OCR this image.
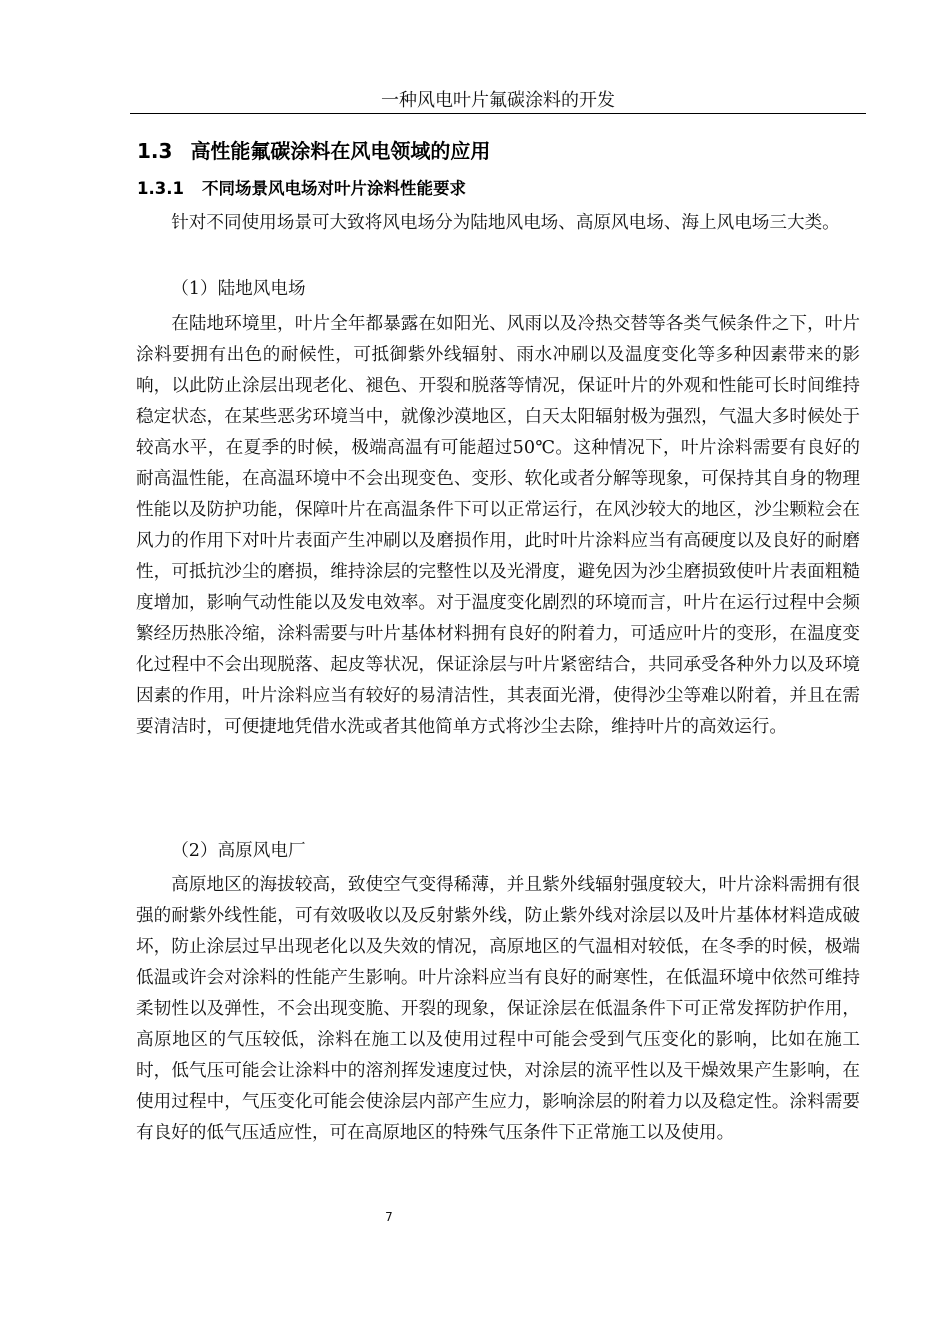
一种风电叶片氟碳涂料的开发
1.3 高性能氟碳涂料在风电领域的应用
1.3.1 不同场景风电场对叶片涂料性能要求

针对不同使用场景可大致将风电场分为陆地风电场、高原风电场、海上风电场三大类。

（1）陆地风电场

在陆地环境里，叶片全年都暴露在如阳光、风雨以及冷热交替等各类气候条件之下，叶片涂料要拥有出色的耐候性，可抵御紫外线辐射、雨水冲刷以及温度变化等多种因素带来的影响，以此防止涂层出现老化、褪色、开裂和脱落等情况，保证叶片的外观和性能可长时间维持稳定状态，在某些恶劣环境当中，就像沙漠地区，白天太阳辐射极为强烈，气温大多时候处于较高水平，在夏季的时候，极端高温有可能超过50℃。这种情况下，叶片涂料需要有良好的耐高温性能，在高温环境中不会出现变色、变形、软化或者分解等现象，可保持其自身的物理性能以及防护功能，保障叶片在高温条件下可以正常运行，在风沙较大的地区，沙尘颗粒会在风力的作用下对叶片表面产生冲刷以及磨损作用，此时叶片涂料应当有高硬度以及良好的耐磨性，可抵抗沙尘的磨损，维持涂层的完整性以及光滑度，避免因为沙尘磨损致使叶片表面粗糙度增加，影响气动性能以及发电效率。对于温度变化剧烈的环境而言，叶片在运行过程中会频繁经历热胀冷缩，涂料需要与叶片基体材料拥有良好的附着力，可适应叶片的变形，在温度变化过程中不会出现脱落、起皮等状况，保证涂层与叶片紧密结合，共同承受各种外力以及环境因素的作用，叶片涂料应当有较好的易清洁性，其表面光滑，使得沙尘等难以附着，并且在需要清洁时，可便捷地凭借水洗或者其他简单方式将沙尘去除，维持叶片的高效运行。

（2）高原风电厂

高原地区的海拔较高，致使空气变得稀薄，并且紫外线辐射强度较大，叶片涂料需拥有很强的耐紫外线性能，可有效吸收以及反射紫外线，防止紫外线对涂层以及叶片基体材料造成破坏，防止涂层过早出现老化以及失效的情况，高原地区的气温相对较低，在冬季的时候，极端低温或许会对涂料的性能产生影响。叶片涂料应当有良好的耐寒性，在低温环境中依然可维持柔韧性以及弹性，不会出现变脆、开裂的现象，保证涂层在低温条件下可正常发挥防护作用，高原地区的气压较低，涂料在施工以及使用过程中可能会受到气压变化的影响，比如在施工时，低气压可能会让涂料中的溶剂挥发速度过快，对涂层的流平性以及干燥效果产生影响，在使用过程中，气压变化可能会使涂层内部产生应力，影响涂层的附着力以及稳定性。涂料需要有良好的低气压适应性，可在高原地区的特殊气压条件下正常施工以及使用。

7
